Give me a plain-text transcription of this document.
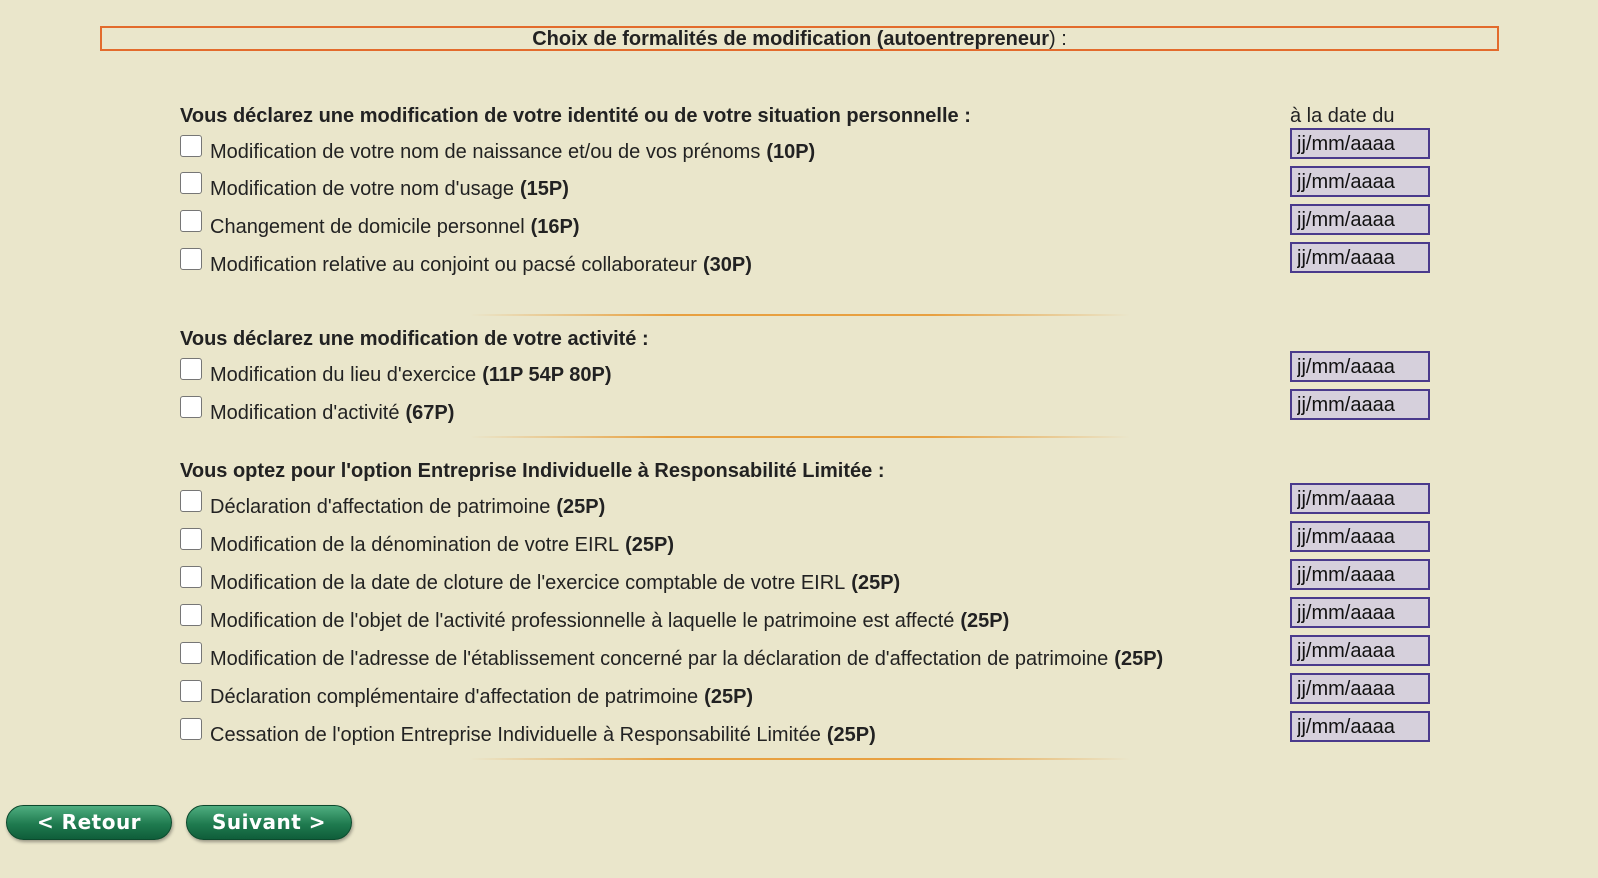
Choix de formalités de modification (autoentrepreneur) :
à la date du
Vous déclarez une modification de votre identité ou de votre situation personnelle :
Modification de votre nom de naissance et/ou de vos prénoms (10P)
jj/mm/aaaa
Modification de votre nom d'usage (15P)
jj/mm/aaaa
Changement de domicile personnel (16P)
jj/mm/aaaa
Modification relative au conjoint ou pacsé collaborateur (30P)
jj/mm/aaaa
Vous déclarez une modification de votre activité :
Modification du lieu d'exercice (11P 54P 80P)
jj/mm/aaaa
Modification d'activité (67P)
jj/mm/aaaa
Vous optez pour l'option Entreprise Individuelle à Responsabilité Limitée :
Déclaration d'affectation de patrimoine (25P)
jj/mm/aaaa
Modification de la dénomination de votre EIRL (25P)
jj/mm/aaaa
Modification de la date de cloture de l'exercice comptable de votre EIRL (25P)
jj/mm/aaaa
Modification de l'objet de l'activité professionnelle à laquelle le patrimoine est affecté (25P)
jj/mm/aaaa
Modification de l'adresse de l'établissement concerné par la déclaration de d'affectation de patrimoine (25P)
jj/mm/aaaa
Déclaration complémentaire d'affectation de patrimoine (25P)
jj/mm/aaaa
Cessation de l'option Entreprise Individuelle à Responsabilité Limitée (25P)
jj/mm/aaaa
< Retour	Suivant >
